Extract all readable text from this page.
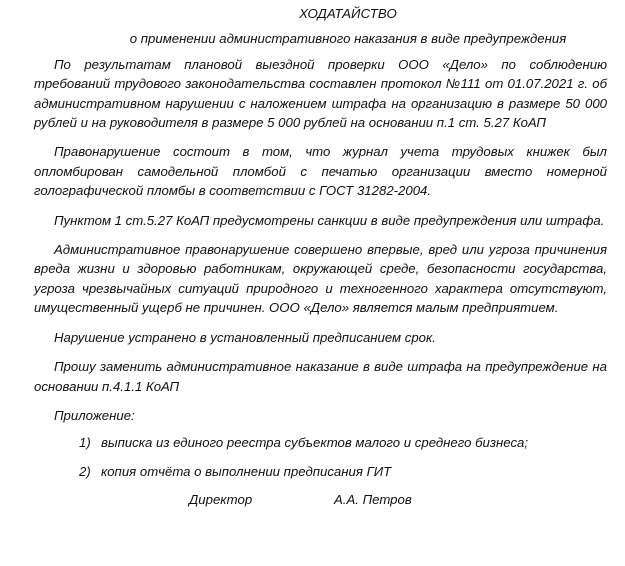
ХОДАТАЙСТВО
о применении административного наказания в виде предупреждения

По результатам плановой выездной проверки ООО «Дело» по соблюдению требований трудового законодательства составлен протокол №111 от 01.07.2021 г. об административном нарушении с наложением штрафа на организацию в размере 50 000 рублей и на руководителя в размере 5 000 рублей на основании п.1 ст. 5.27 КоАП

Правонарушение состоит в том, что журнал учета трудовых книжек был опломбирован самодельной пломбой с печатью организации вместо номерной голографической пломбы в соответствии с ГОСТ 31282-2004.

Пунктом 1 ст.5.27 КоАП предусмотрены санкции в виде предупреждения или штрафа.

Административное правонарушение совершено впервые, вред или угроза причинения вреда жизни и здоровью работникам, окружающей среде, безопасности государства, угроза чрезвычайных ситуаций природного и техногенного характера отсутствуют, имущественный ущерб не причинен. ООО «Дело» является малым предприятием.

Нарушение устранено в установленный предписанием срок.

Прошу заменить административное наказание в виде штрафа на предупреждение на основании п.4.1.1 КоАП

Приложение:
1) выписка из единого реестра субъектов малого и среднего бизнеса;
2) копия отчёта о выполнении предписания ГИТ
Директор	А.А. Петров
